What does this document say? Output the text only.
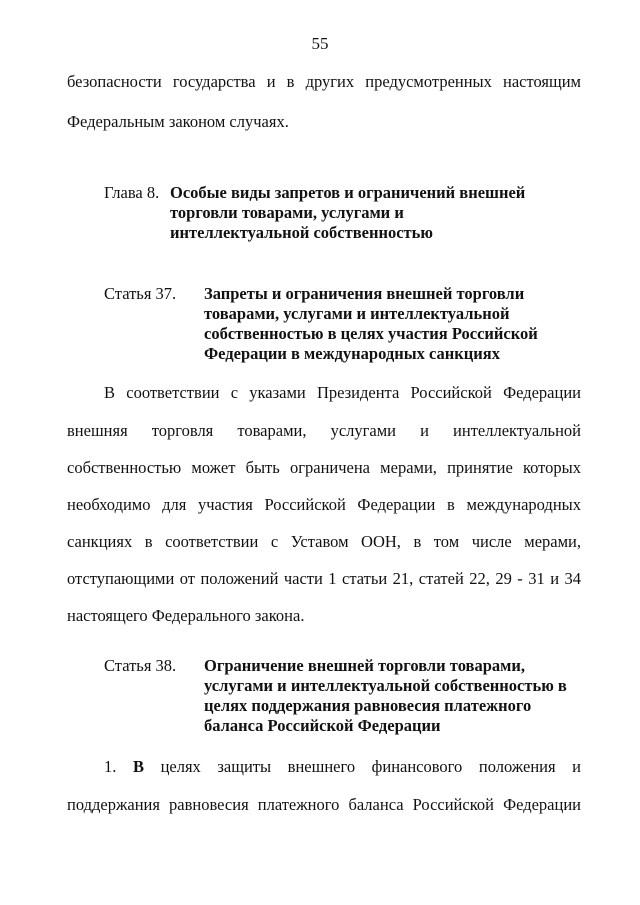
55
безопасности государства и в других предусмотренных настоящим
Федеральным законом случаях.
Глава 8. Особые виды запретов и ограничений внешней
торговли товарами, услугами и
интеллектуальной собственностью
Статья 37. Запреты и ограничения внешней торговли
товарами, услугами и интеллектуальной
собственностью в целях участия Российской
Федерации в международных санкциях
В соответствии с указами Президента Российской Федерации
внешняя торговля товарами, услугами и интеллектуальной
собственностью может быть ограничена мерами, принятие которых
необходимо для участия Российской Федерации в международных
санкциях в соответствии с Уставом ООН, в том числе мерами,
отступающими от положений части 1 статьи 21, статей 22, 29 - 31 и 34
настоящего Федерального закона.
Статья 38. Ограничение внешней торговли товарами,
услугами и интеллектуальной собственностью в
целях поддержания равновесия платежного
баланса Российской Федерации
1. В целях защиты внешнего финансового положения и
поддержания равновесия платежного баланса Российской Федерации
